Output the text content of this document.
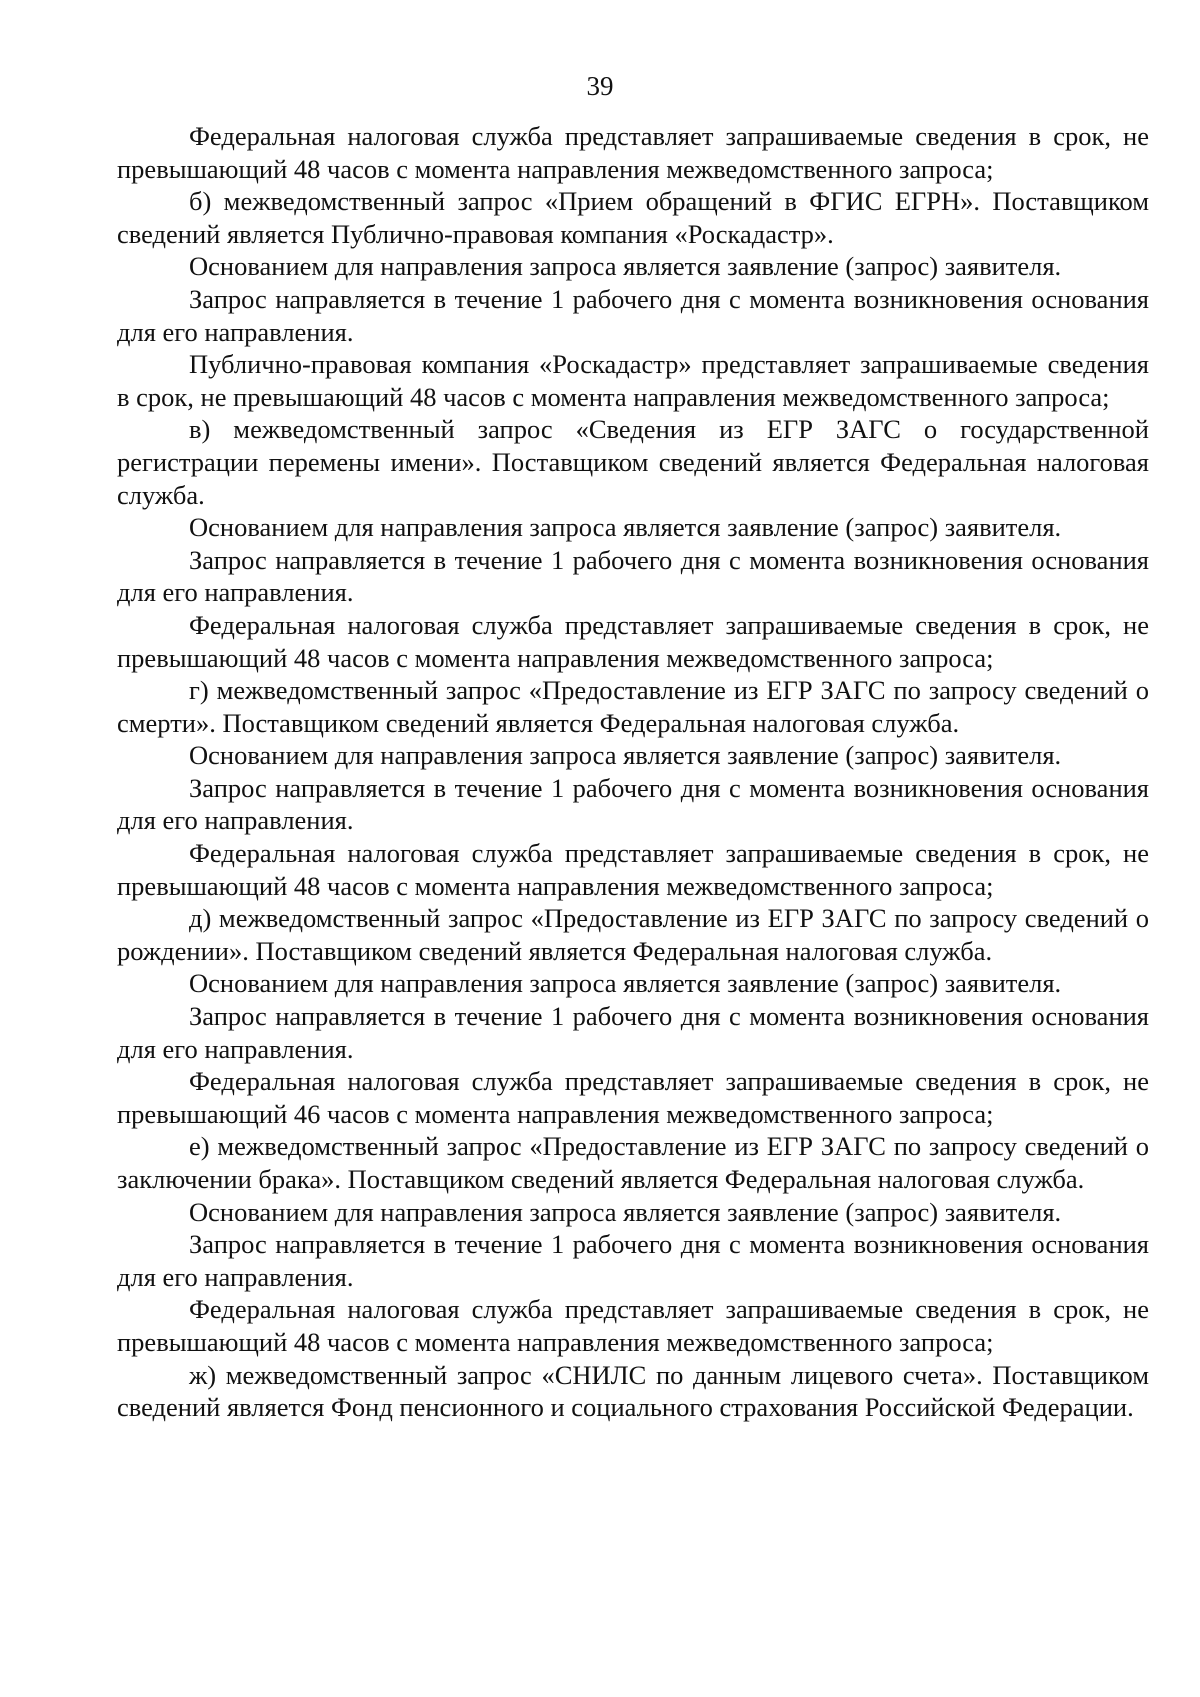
39

Федеральная налоговая служба представляет запрашиваемые сведения в срок, не превышающий 48 часов с момента направления межведомственного запроса;

б) межведомственный запрос «Прием обращений в ФГИС ЕГРН». Поставщиком сведений является Публично-правовая компания «Роскадастр».

Основанием для направления запроса является заявление (запрос) заявителя.

Запрос направляется в течение 1 рабочего дня с момента возникновения основания для его направления.

Публично-правовая компания «Роскадастр» представляет запрашиваемые сведения в срок, не превышающий 48 часов с момента направления межведомственного запроса;

в) межведомственный запрос «Сведения из ЕГР ЗАГС о государственной регистрации перемены имени». Поставщиком сведений является Федеральная налоговая служба.

Основанием для направления запроса является заявление (запрос) заявителя.

Запрос направляется в течение 1 рабочего дня с момента возникновения основания для его направления.

Федеральная налоговая служба представляет запрашиваемые сведения в срок, не превышающий 48 часов с момента направления межведомственного запроса;

г) межведомственный запрос «Предоставление из ЕГР ЗАГС по запросу сведений о смерти». Поставщиком сведений является Федеральная налоговая служба.

Основанием для направления запроса является заявление (запрос) заявителя.

Запрос направляется в течение 1 рабочего дня с момента возникновения основания для его направления.

Федеральная налоговая служба представляет запрашиваемые сведения в срок, не превышающий 48 часов с момента направления межведомственного запроса;

д) межведомственный запрос «Предоставление из ЕГР ЗАГС по запросу сведений о рождении». Поставщиком сведений является Федеральная налоговая служба.

Основанием для направления запроса является заявление (запрос) заявителя.

Запрос направляется в течение 1 рабочего дня с момента возникновения основания для его направления.

Федеральная налоговая служба представляет запрашиваемые сведения в срок, не превышающий 46 часов с момента направления межведомственного запроса;

е) межведомственный запрос «Предоставление из ЕГР ЗАГС по запросу сведений о заключении брака». Поставщиком сведений является Федеральная налоговая служба.

Основанием для направления запроса является заявление (запрос) заявителя.

Запрос направляется в течение 1 рабочего дня с момента возникновения основания для его направления.

Федеральная налоговая служба представляет запрашиваемые сведения в срок, не превышающий 48 часов с момента направления межведомственного запроса;

ж) межведомственный запрос «СНИЛС по данным лицевого счета». Поставщиком сведений является Фонд пенсионного и социального страхования Российской Федерации.
